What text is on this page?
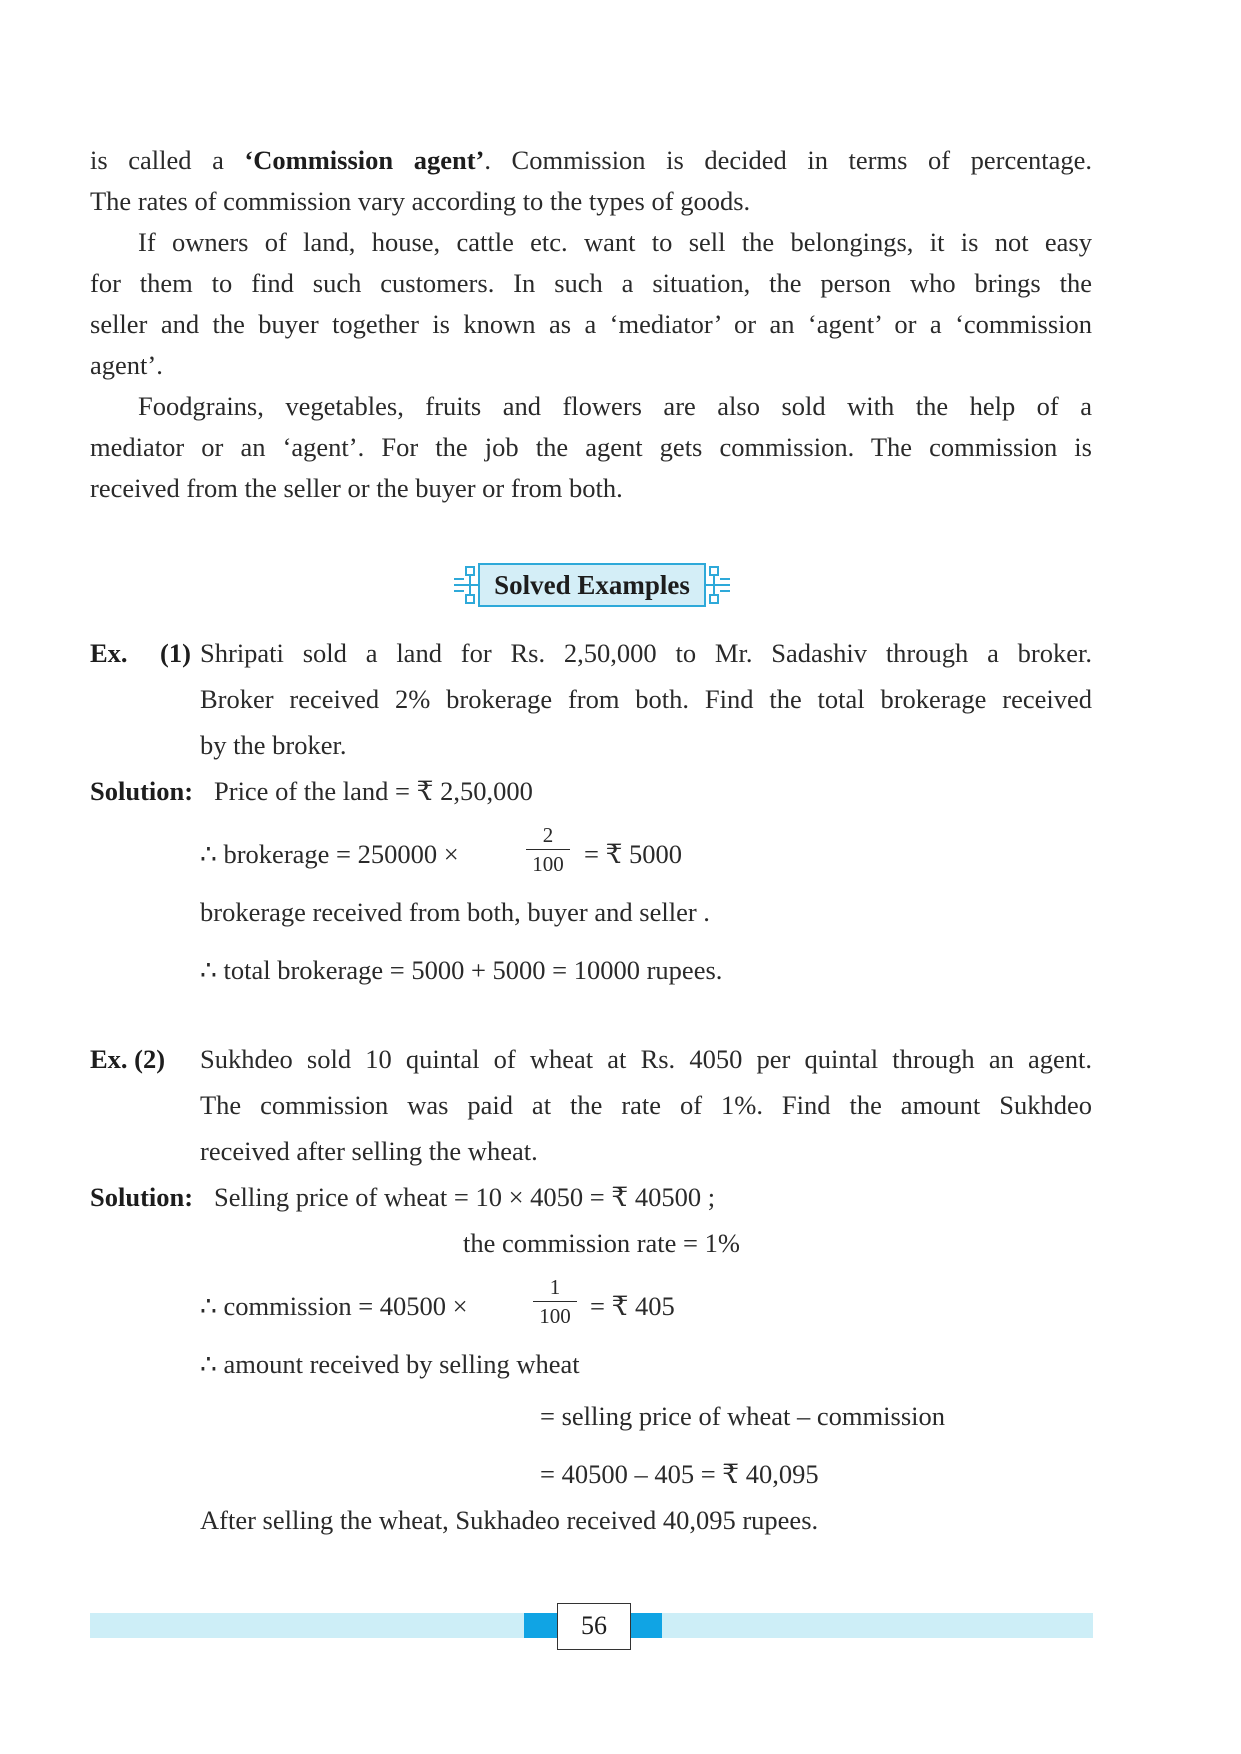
is called a ‘Commission agent’. Commission is decided in terms of percentage.
The rates of commission vary according to the types of goods.
If owners of land, house, cattle etc. want to sell the belongings, it is not easy
for them to find such customers. In such a situation, the person who brings the
seller and the buyer together is known as a ‘mediator’ or an ‘agent’ or a ‘commission
agent’.
Foodgrains, vegetables, fruits and flowers are also sold with the help of a
mediator or an ‘agent’. For the job the agent gets commission. The commission is
received from the seller or the buyer or from both.
Solved Examples
Ex. (1) Shripati sold a land for Rs. 2,50,000 to Mr. Sadashiv through a broker.
Broker received 2% brokerage from both. Find the total brokerage received
by the broker.
Solution: Price of the land = ₹ 2,50,000
∴ brokerage = 250000 ×
2
100 = ₹ 5000
brokerage received from both, buyer and seller .
∴ total brokerage = 5000 + 5000 = 10000 rupees.
Ex. (2) Sukhdeo sold 10 quintal of wheat at Rs. 4050 per quintal through an agent.
The commission was paid at the rate of 1%. Find the amount Sukhdeo
received after selling the wheat.
Solution: Selling price of wheat = 10 × 4050 = ₹ 40500 ;
the commission rate = 1%
∴ commission = 40500 ×
1
100 = ₹ 405
∴ amount received by selling wheat
= selling price of wheat – commission
= 40500 – 405 = ₹ 40,095
After selling the wheat, Sukhadeo received 40,095 rupees.
56
